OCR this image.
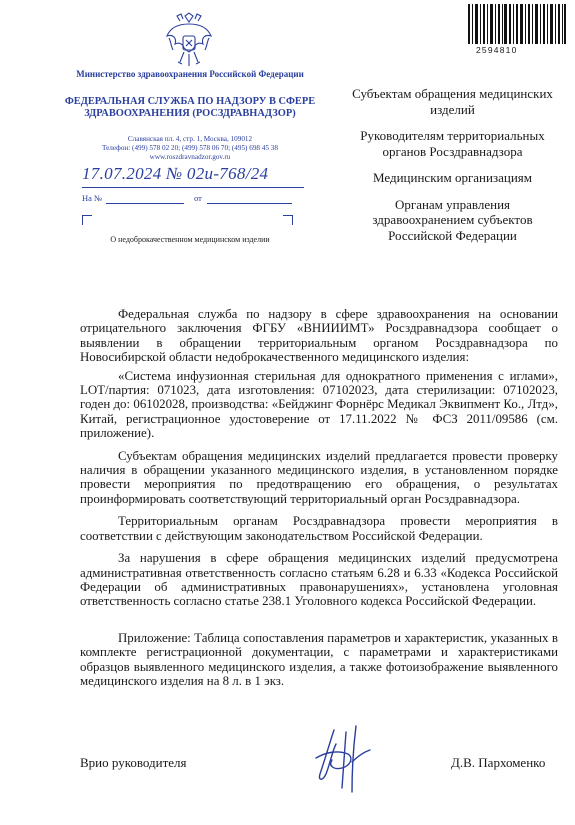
2594810
Министерство здравоохранения Российской Федерации
ФЕДЕРАЛЬНАЯ СЛУЖБА ПО НАДЗОРУ В СФЕРЕ ЗДРАВООХРАНЕНИЯ (РОСЗДРАВНАДЗОР)
Славянская пл. 4, стр. 1, Москва, 109012
Телефон: (499) 578 02 20; (499) 578 06 70; (495) 698 45 38
www.roszdravnadzor.gov.ru
17.07.2024 № 02и-768/24
На №	от
О недоброкачественном медицинском изделии

Субъектам обращения медицинских изделий

Руководителям территориальных органов Росздравнадзора

Медицинским организациям

Органам управления здравоохранением субъектов Российской Федерации

Федеральная служба по надзору в сфере здравоохранения на основании отрицательного заключения ФГБУ «ВНИИИМТ» Росздравнадзора сообщает о выявлении в обращении территориальным органом Росздравнадзора по Новосибирской области недоброкачественного медицинского изделия:

«Система инфузионная стерильная для однократного применения с иглами», LOT/партия: 071023, дата изготовления: 07102023, дата стерилизации: 07102023, годен до: 06102028, производства: «Бейджинг Форнёрс Медикал Эквипмент Ко., Лтд», Китай, регистрационное удостоверение от 17.11.2022 № ФСЗ 2011/09586 (см. приложение).

Субъектам обращения медицинских изделий предлагается провести проверку наличия в обращении указанного медицинского изделия, в установленном порядке провести мероприятия по предотвращению его обращения, о результатах проинформировать соответствующий территориальный орган Росздравнадзора.

Территориальным органам Росздравнадзора провести мероприятия в соответствии с действующим законодательством Российской Федерации.

За нарушения в сфере обращения медицинских изделий предусмотрена административная ответственность согласно статьям 6.28 и 6.33 «Кодекса Российской Федерации об административных правонарушениях», установлена уголовная ответственность согласно статье 238.1 Уголовного кодекса Российской Федерации.

Приложение: Таблица сопоставления параметров и характеристик, указанных в комплекте регистрационной документации, с параметрами и характеристиками образцов выявленного медицинского изделия, а также фотоизображение выявленного медицинского изделия на 8 л. в 1 экз.

Врио руководителя	Д.В. Пархоменко
